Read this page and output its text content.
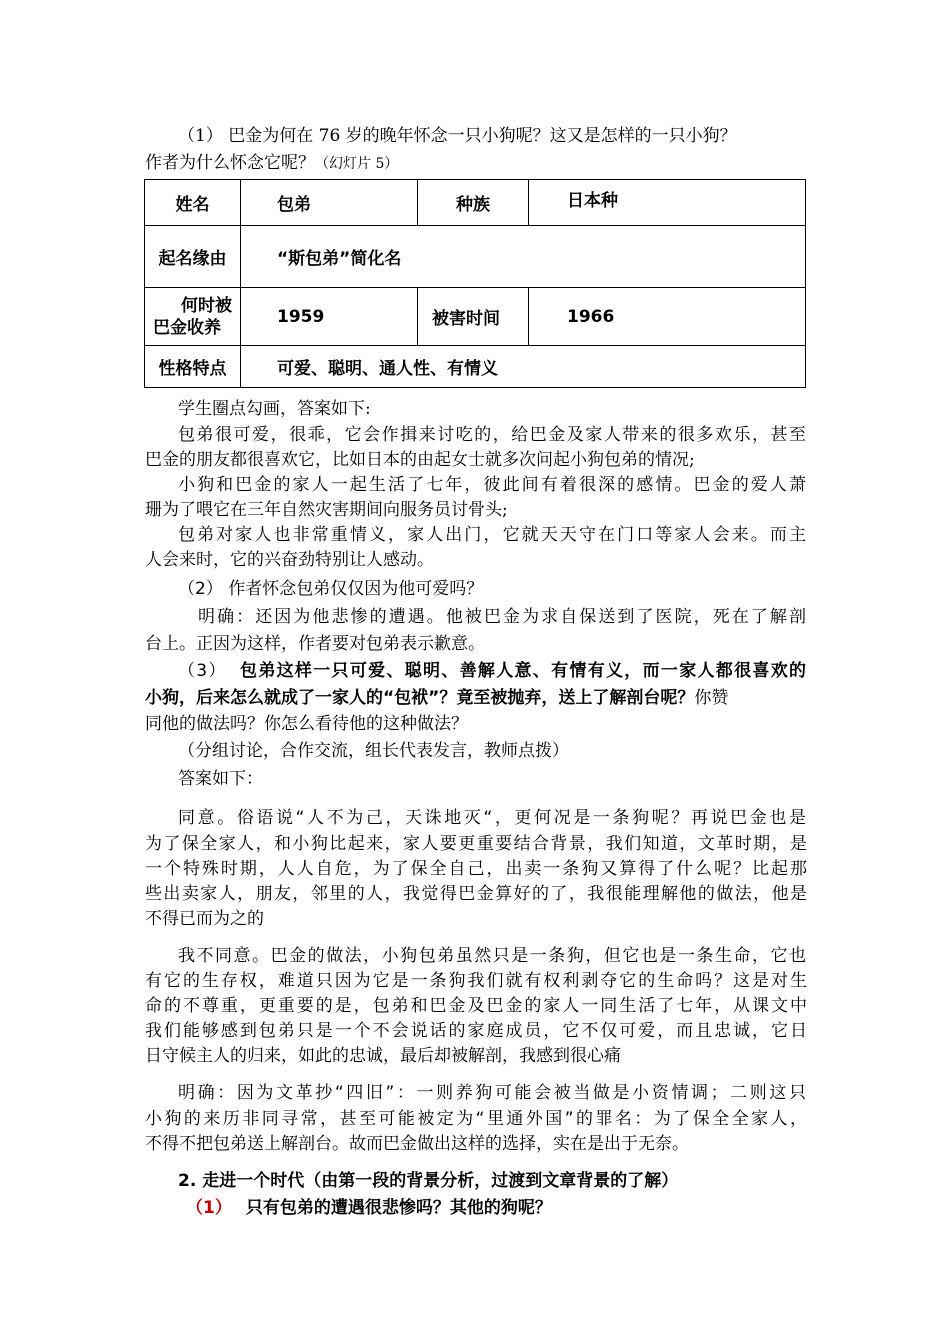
（1） 巴金为何在 76 岁的晚年怀念一只小狗呢？这又是怎样的一只小狗？
作者为什么怀念它呢？（幻灯片 5）
姓名	包弟	种族	日本种
起名缘由	“斯包弟”简化名		

何时被
巴金收养	1959	被害时间	1966
性格特点	可爱、聪明、通人性、有情义		
学生圈点勾画，答案如下:
包弟很可爱，很乖，它会作揖来讨吃的，给巴金及家人带来的很多欢乐，甚至
巴金的朋友都很喜欢它，比如日本的由起女士就多次问起小狗包弟的情况;
小狗和巴金的家人一起生活了七年，彼此间有着很深的感情。巴金的爱人萧
珊为了喂它在三年自然灾害期间向服务员讨骨头;
包弟对家人也非常重情义，家人出门，它就天天守在门口等家人会来。而主
人会来时，它的兴奋劲特别让人感动。
（2） 作者怀念包弟仅仅因为他可爱吗？
明确：还因为他悲惨的遭遇。他被巴金为求自保送到了医院，死在了解剖
台上。正因为这样，作者要对包弟表示歉意。
（3） 包弟这样一只可爱、聪明、善解人意、有情有义，而一家人都很喜欢的
小狗，后来怎么就成了一家人的“包袱”？竟至被抛弃，送上了解剖台呢？你赞
同他的做法吗？你怎么看待他的这种做法？
（分组讨论，合作交流，组长代表发言，教师点拨）
答案如下：
同意。俗语说“人不为己，天诛地灭“，更何况是一条狗呢？再说巴金也是
为了保全家人，和小狗比起来，家人要更重要结合背景，我们知道，文革时期，是
一个特殊时期，人人自危，为了保全自己，出卖一条狗又算得了什么呢？比起那
些出卖家人，朋友，邻里的人，我觉得巴金算好的了，我很能理解他的做法，他是
不得已而为之的
我不同意。巴金的做法，小狗包弟虽然只是一条狗，但它也是一条生命，它也
有它的生存权，难道只因为它是一条狗我们就有权利剥夺它的生命吗？这是对生
命的不尊重，更重要的是，包弟和巴金及巴金的家人一同生活了七年，从课文中
我们能够感到包弟只是一个不会说话的家庭成员，它不仅可爱，而且忠诚，它日
日守候主人的归来，如此的忠诚，最后却被解剖，我感到很心痛
明确：因为文革抄“四旧”：一则养狗可能会被当做是小资情调；二则这只
小狗的来历非同寻常，甚至可能被定为“里通外国”的罪名：为了保全全家人，
不得不把包弟送上解剖台。故而巴金做出这样的选择，实在是出于无奈。
2. 走进一个时代（由第一段的背景分析，过渡到文章背景的了解）
（1） 只有包弟的遭遇很悲惨吗？其他的狗呢？
